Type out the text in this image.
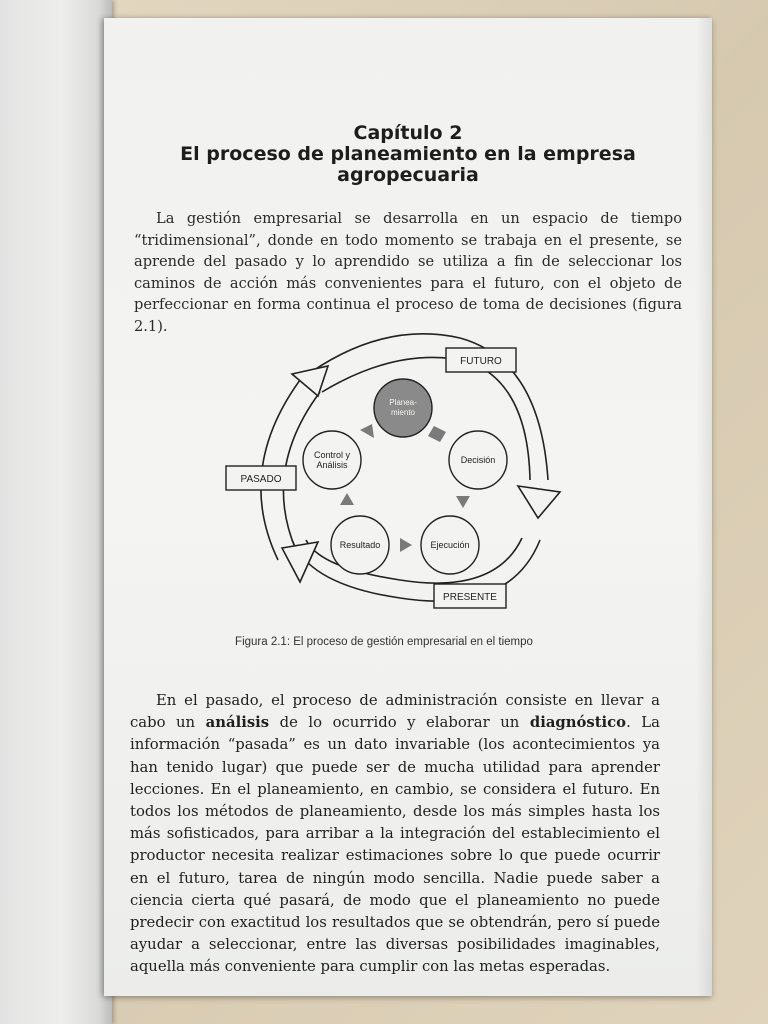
Capítulo 2
El proceso de planeamiento en la empresa
agropecuaria

La gestión empresarial se desarrolla en un espacio de tiempo “tridimensional”, donde en todo momento se trabaja en el presente, se aprende del pasado y lo aprendido se utiliza a fin de seleccionar los caminos de acción más convenientes para el futuro, con el objeto de perfeccionar en forma continua el proceso de toma de decisiones (figura 2.1).

FUTURO
PASADO
PRESENTE
Planea-
miento
Decisión
Ejecución
Resultado
Control y
Análisis
Figura 2.1: El proceso de gestión empresarial en el tiempo

En el pasado, el proceso de administración consiste en llevar a cabo un análisis de lo ocurrido y elaborar un diagnóstico. La información “pasada” es un dato invariable (los acontecimientos ya han tenido lugar) que puede ser de mucha utilidad para aprender lecciones. En el planeamiento, en cambio, se considera el futuro. En todos los métodos de planeamiento, desde los más simples hasta los más sofisticados, para arribar a la integración del establecimiento el productor necesita realizar estimaciones sobre lo que puede ocurrir en el futuro, tarea de ningún modo sencilla. Nadie puede saber a ciencia cierta qué pasará, de modo que el planeamiento no puede predecir con exactitud los resultados que se obtendrán, pero sí puede ayudar a seleccionar, entre las diversas posibilidades imaginables, aquella más conveniente para cumplir con las metas esperadas.
